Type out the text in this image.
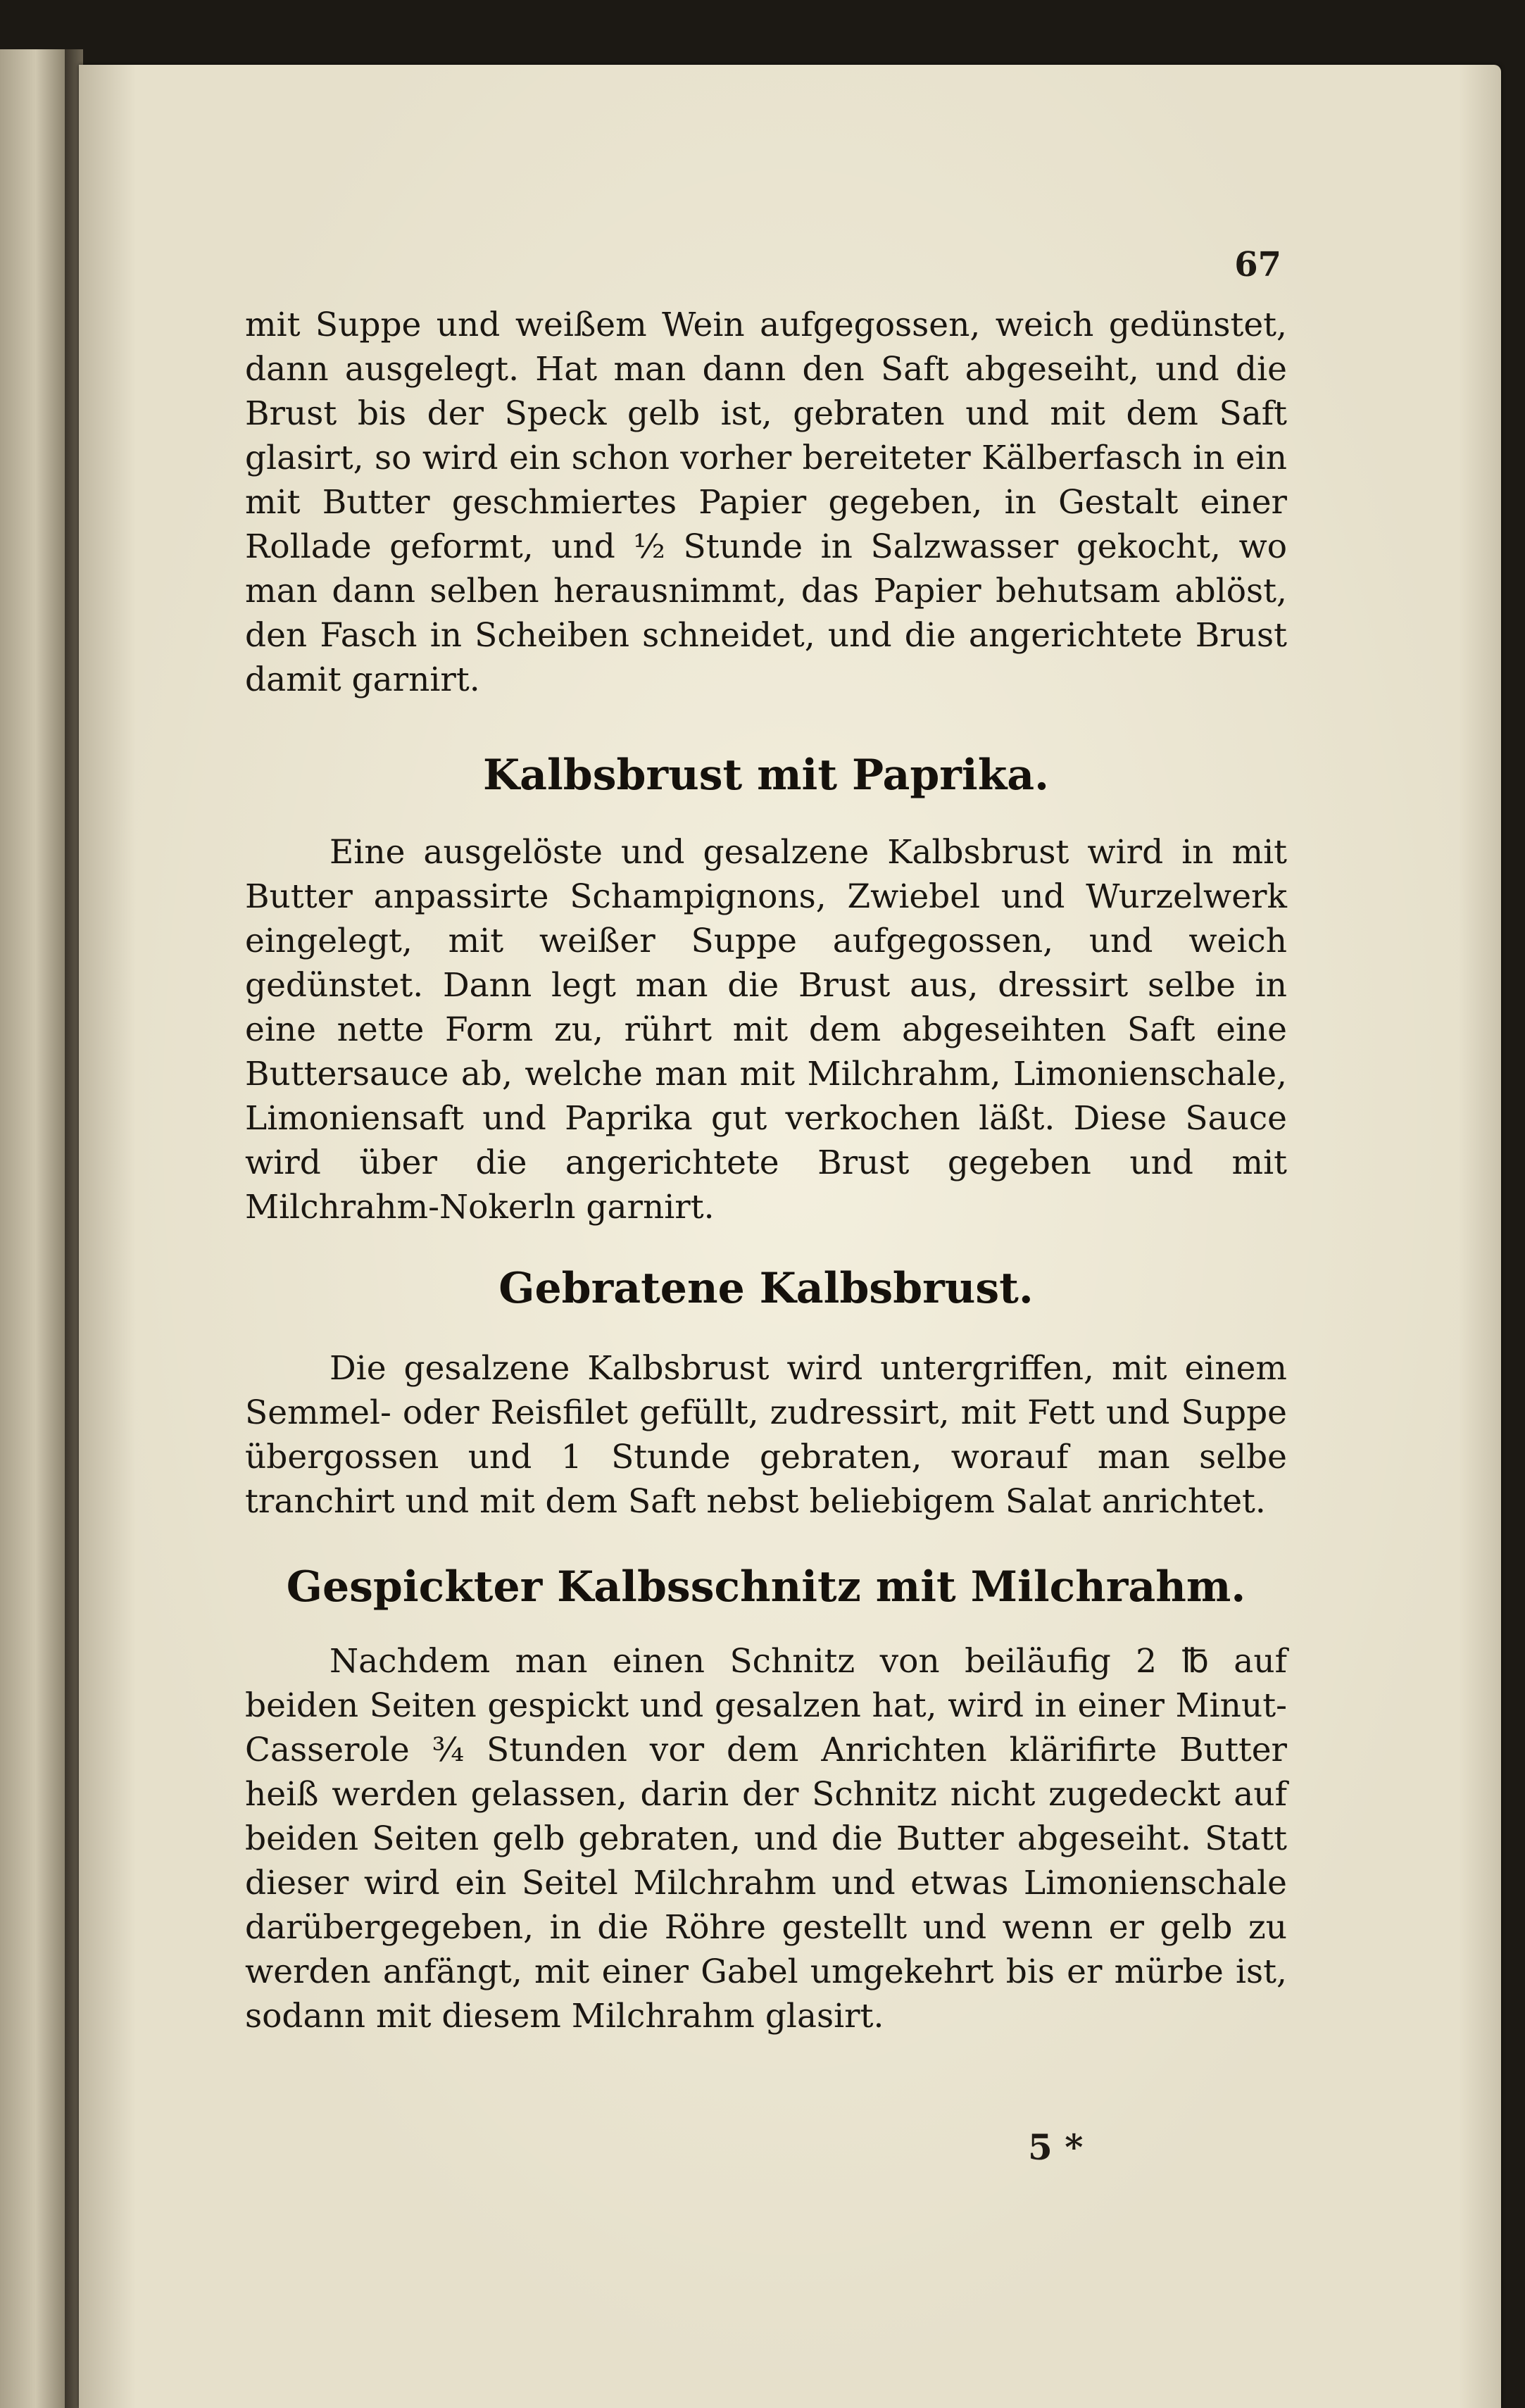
67

mit Suppe und weißem Wein aufgegossen, weich gedünstet, dann ausgelegt. Hat man dann den Saft abgeseiht, und die Brust bis der Speck gelb ist, gebraten und mit dem Saft glasirt, so wird ein schon vorher bereiteter Kälberfasch in ein mit Butter geschmiertes Papier gegeben, in Gestalt einer Rollade geformt, und ½ Stunde in Salzwasser gekocht, wo man dann selben herausnimmt, das Papier behutsam ablöst, den Fasch in Scheiben schneidet, und die angerichtete Brust damit garnirt.

Kalbsbrust mit Paprika.

Eine ausgelöste und gesalzene Kalbsbrust wird in mit Butter anpassirte Schampignons, Zwiebel und Wurzelwerk eingelegt, mit weißer Suppe aufgegossen, und weich gedünstet. Dann legt man die Brust aus, dressirt selbe in eine nette Form zu, rührt mit dem abgeseihten Saft eine Buttersauce ab, welche man mit Milchrahm, Limonienschale, Limoniensaft und Paprika gut verkochen läßt. Diese Sauce wird über die angerichtete Brust gegeben und mit Milchrahm-Nokerln garnirt.

Gebratene Kalbsbrust.

Die gesalzene Kalbsbrust wird untergriffen, mit einem Semmel- oder Reisfilet gefüllt, zudressirt, mit Fett und Suppe übergossen und 1 Stunde gebraten, worauf man selbe tranchirt und mit dem Saft nebst beliebigem Salat anrichtet.

Gespickter Kalbsschnitz mit Milchrahm.

Nachdem man einen Schnitz von beiläufig 2 ℔ auf beiden Seiten gespickt und gesalzen hat, wird in einer Minut-Casserole ¾ Stunden vor dem Anrichten klärifirte Butter heiß werden gelassen, darin der Schnitz nicht zugedeckt auf beiden Seiten gelb gebraten, und die Butter abgeseiht. Statt dieser wird ein Seitel Milchrahm und etwas Limonienschale darübergegeben, in die Röhre gestellt und wenn er gelb zu werden anfängt, mit einer Gabel umgekehrt bis er mürbe ist, sodann mit diesem Milchrahm glasirt.

5 *
